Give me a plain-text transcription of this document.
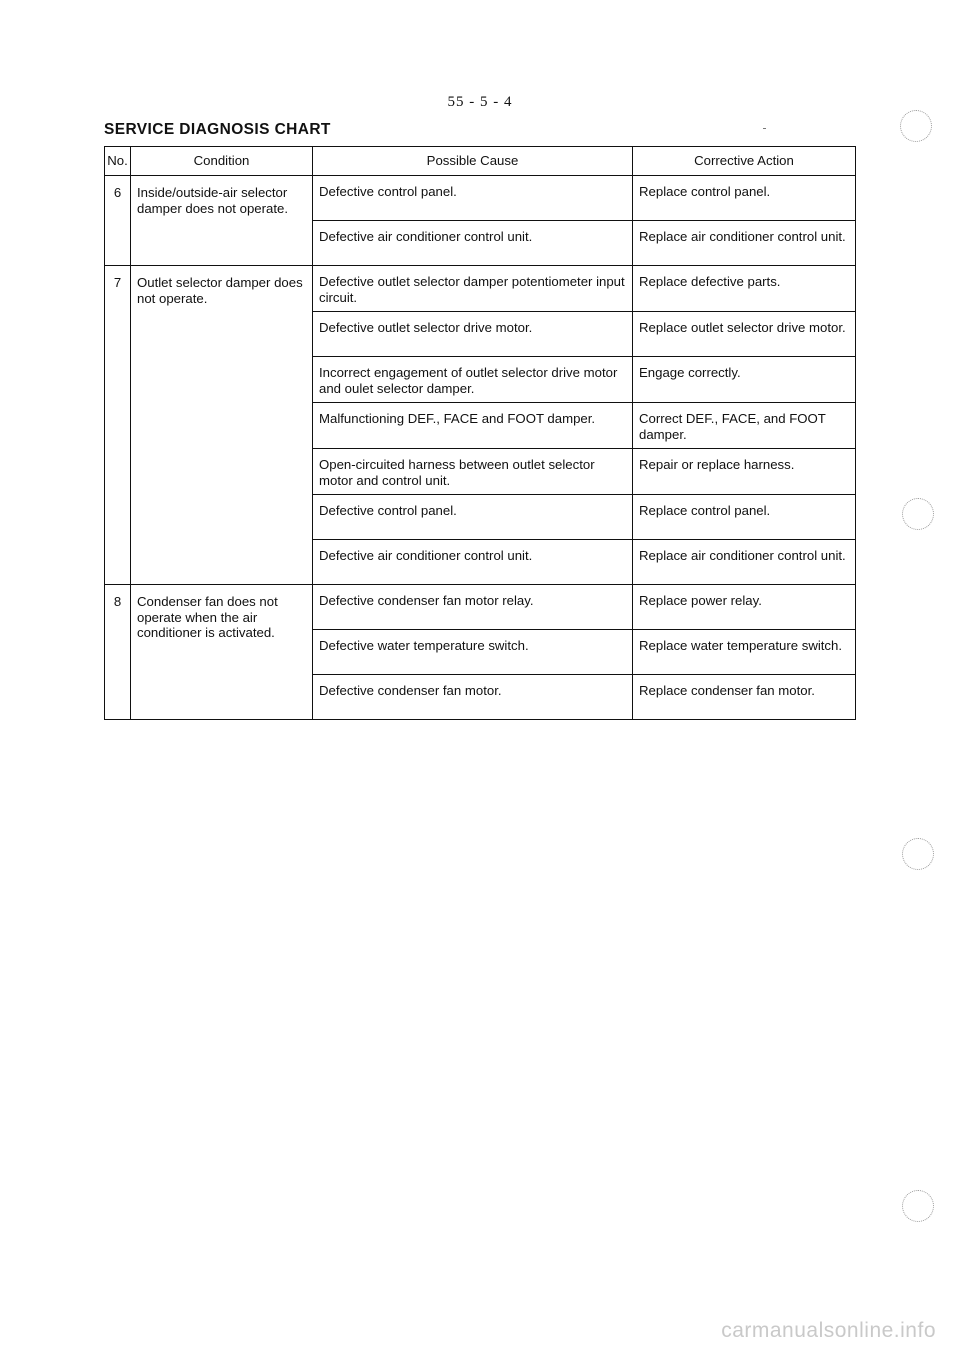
55 - 5 - 4
SERVICE DIAGNOSIS CHART
No.	Condition	Possible Cause	Corrective Action
6	Inside/outside-air selector damper does not operate.	Defective control panel.	Replace control panel.
		Defective air conditioner control unit.	Replace air conditioner control unit.
7	Outlet selector damper does not operate.	Defective outlet selector damper potentiometer input circuit.	Replace defective parts.
		Defective outlet selector drive motor.	Replace outlet selector drive motor.
		Incorrect engagement of outlet selector drive motor and oulet selector damper.	Engage correctly.
		Malfunctioning DEF., FACE and FOOT damper.	Correct DEF., FACE, and FOOT damper.
		Open-circuited harness between outlet selector motor and control unit.	Repair or replace harness.
		Defective control panel.	Replace control panel.
		Defective air conditioner control unit.	Replace air conditioner control unit.
8	Condenser fan does not operate when the air conditioner is activated.	Defective condenser fan motor relay.	Replace power relay.
		Defective water temperature switch.	Replace water temperature switch.
		Defective condenser fan motor.	Replace condenser fan motor.
carmanualsonline.info
